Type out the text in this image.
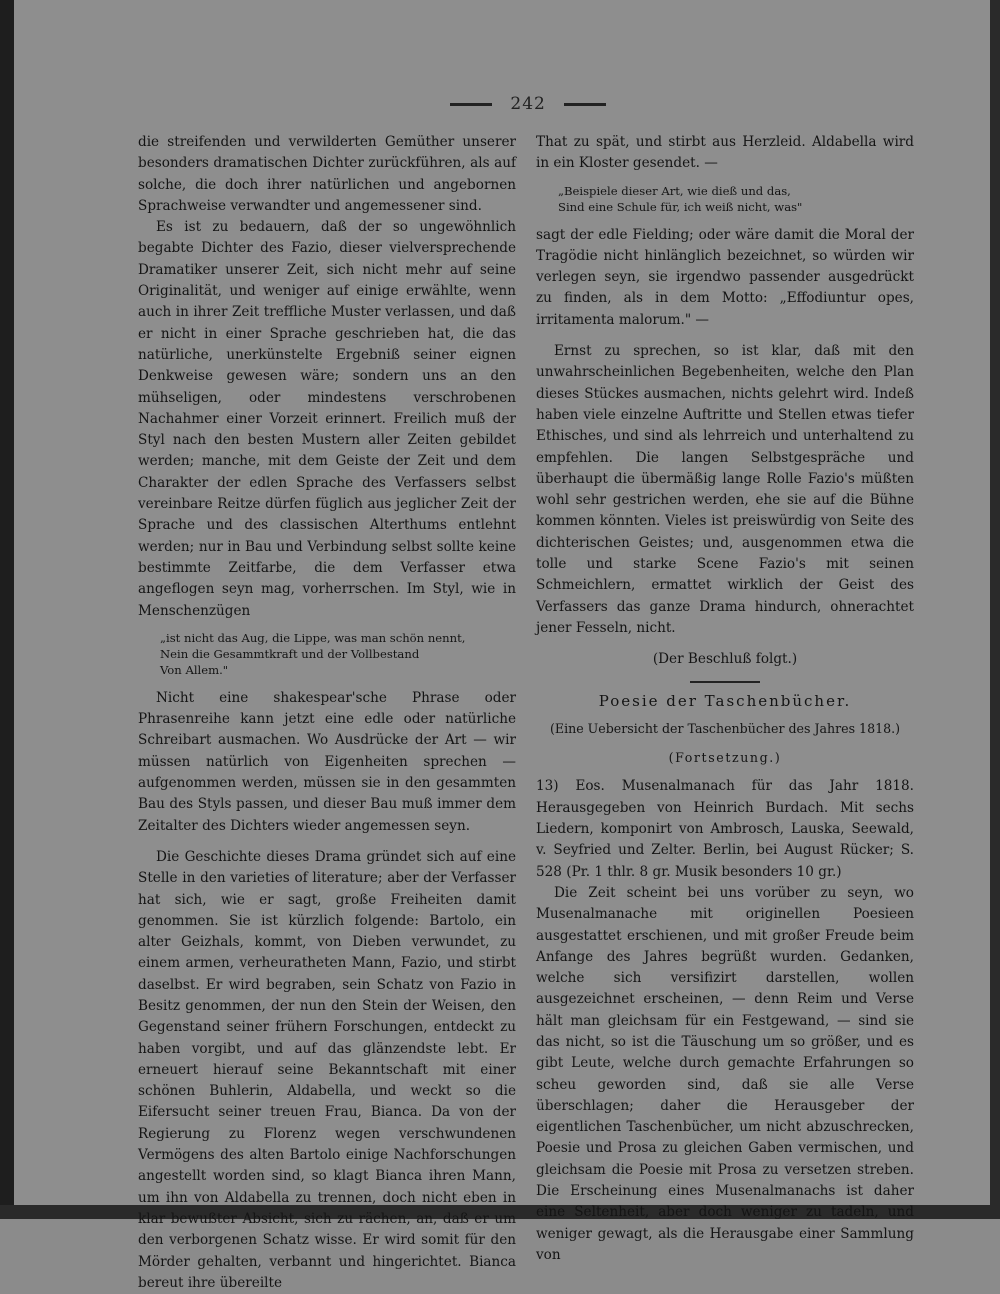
242

die streifenden und verwilderten Gemüther unserer besonders dramatischen Dichter zurückführen, als auf solche, die doch ihrer natürlichen und angebornen Sprachweise verwandter und angemessener sind.

Es ist zu bedauern, daß der so ungewöhnlich begabte Dichter des Fazio, dieser vielversprechende Dramatiker unserer Zeit, sich nicht mehr auf seine Originalität, und weniger auf einige erwählte, wenn auch in ihrer Zeit treffliche Muster verlassen, und daß er nicht in einer Sprache geschrieben hat, die das natürliche, unerkünstelte Ergebniß seiner eignen Denkweise gewesen wäre; sondern uns an den mühseligen, oder mindestens verschrobenen Nachahmer einer Vorzeit erinnert. Freilich muß der Styl nach den besten Mustern aller Zeiten gebildet werden; manche, mit dem Geiste der Zeit und dem Charakter der edlen Sprache des Verfassers selbst vereinbare Reitze dürfen füglich aus jeglicher Zeit der Sprache und des classischen Alterthums entlehnt werden; nur in Bau und Verbindung selbst sollte keine bestimmte Zeitfarbe, die dem Verfasser etwa angeflogen seyn mag, vorherrschen. Im Styl, wie in Menschenzügen

„ist nicht das Aug, die Lippe, was man schön nennt,
Nein die Gesammtkraft und der Vollbestand
Von Allem."

Nicht eine shakespear'sche Phrase oder Phrasenreihe kann jetzt eine edle oder natürliche Schreibart ausmachen. Wo Ausdrücke der Art — wir müssen natürlich von Eigenheiten sprechen — aufgenommen werden, müssen sie in den gesammten Bau des Styls passen, und dieser Bau muß immer dem Zeitalter des Dichters wieder angemessen seyn.

Die Geschichte dieses Drama gründet sich auf eine Stelle in den varieties of literature; aber der Verfasser hat sich, wie er sagt, große Freiheiten damit genommen. Sie ist kürzlich folgende: Bartolo, ein alter Geizhals, kommt, von Dieben verwundet, zu einem armen, verheuratheten Mann, Fazio, und stirbt daselbst. Er wird begraben, sein Schatz von Fazio in Besitz genommen, der nun den Stein der Weisen, den Gegenstand seiner frühern Forschungen, entdeckt zu haben vorgibt, und auf das glänzendste lebt. Er erneuert hierauf seine Bekanntschaft mit einer schönen Buhlerin, Aldabella, und weckt so die Eifersucht seiner treuen Frau, Bianca. Da von der Regierung zu Florenz wegen verschwundenen Vermögens des alten Bartolo einige Nachforschungen angestellt worden sind, so klagt Bianca ihren Mann, um ihn von Aldabella zu trennen, doch nicht eben in klar bewußter Absicht, sich zu rächen, an, daß er um den verborgenen Schatz wisse. Er wird somit für den Mörder gehalten, verbannt und hingerichtet. Bianca bereut ihre übereilte

That zu spät, und stirbt aus Herzleid. Aldabella wird in ein Kloster gesendet. —

„Beispiele dieser Art, wie dieß und das,
Sind eine Schule für, ich weiß nicht, was"

sagt der edle Fielding; oder wäre damit die Moral der Tragödie nicht hinlänglich bezeichnet, so würden wir verlegen seyn, sie irgendwo passender ausgedrückt zu finden, als in dem Motto: „Effodiuntur opes, irritamenta malorum." —

Ernst zu sprechen, so ist klar, daß mit den unwahrscheinlichen Begebenheiten, welche den Plan dieses Stückes ausmachen, nichts gelehrt wird. Indeß haben viele einzelne Auftritte und Stellen etwas tiefer Ethisches, und sind als lehrreich und unterhaltend zu empfehlen. Die langen Selbstgespräche und überhaupt die übermäßig lange Rolle Fazio's müßten wohl sehr gestrichen werden, ehe sie auf die Bühne kommen könnten. Vieles ist preiswürdig von Seite des dichterischen Geistes; und, ausgenommen etwa die tolle und starke Scene Fazio's mit seinen Schmeichlern, ermattet wirklich der Geist des Verfassers das ganze Drama hindurch, ohnerachtet jener Fesseln, nicht.

(Der Beschluß folgt.)

Poesie der Taschenbücher.

(Eine Uebersicht der Taschenbücher des Jahres 1818.)

(Fortsetzung.)

13) Eos. Musenalmanach für das Jahr 1818. Herausgegeben von Heinrich Burdach. Mit sechs Liedern, komponirt von Ambrosch, Lauska, Seewald, v. Seyfried und Zelter. Berlin, bei August Rücker; S. 528 (Pr. 1 thlr. 8 gr. Musik besonders 10 gr.)

Die Zeit scheint bei uns vorüber zu seyn, wo Musenalmanache mit originellen Poesieen ausgestattet erschienen, und mit großer Freude beim Anfange des Jahres begrüßt wurden. Gedanken, welche sich versifizirt darstellen, wollen ausgezeichnet erscheinen, — denn Reim und Verse hält man gleichsam für ein Festgewand, — sind sie das nicht, so ist die Täuschung um so größer, und es gibt Leute, welche durch gemachte Erfahrungen so scheu geworden sind, daß sie alle Verse überschlagen; daher die Herausgeber der eigentlichen Taschenbücher, um nicht abzuschrecken, Poesie und Prosa zu gleichen Gaben vermischen, und gleichsam die Poesie mit Prosa zu versetzen streben. Die Erscheinung eines Musenalmanachs ist daher eine Seltenheit, aber doch weniger zu tadeln, und weniger gewagt, als die Herausgabe einer Sammlung von
